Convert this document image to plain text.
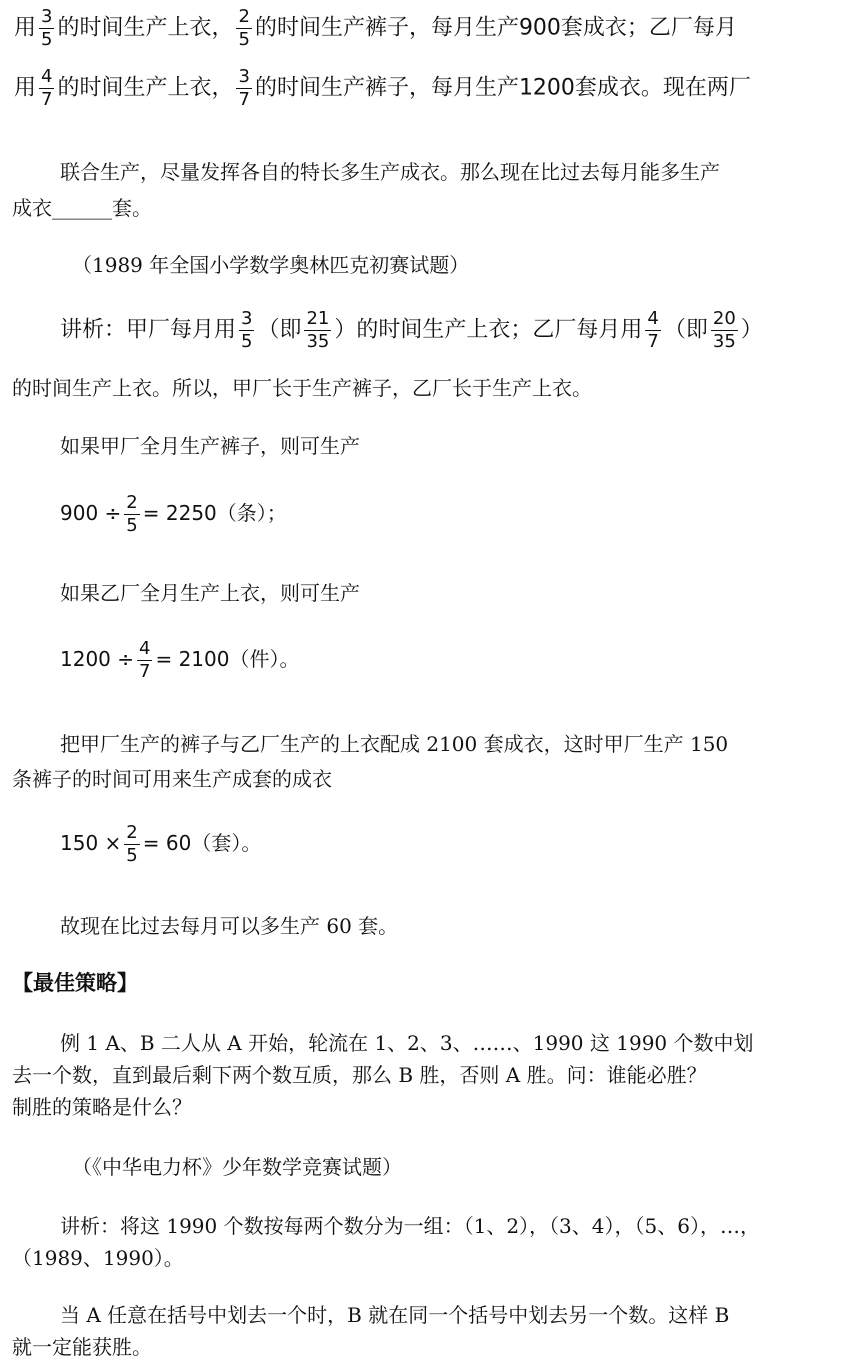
用 $\frac{3}{5}$ 的时间生产上衣， $\frac{2}{5}$ 的时间生产裤子，每月生产900套成衣；乙厂每月
用 $\frac{4}{7}$ 的时间生产上衣， $\frac{3}{7}$ 的时间生产裤子，每月生产1200套成衣。现在两厂
联合生产，尽量发挥各自的特长多生产成衣。那么现在比过去每月能多生产
成衣______套。
（1989 年全国小学数学奥林匹克初赛试题）
讲析：甲厂每月用 $\frac{3}{5}$ （即 $\frac{21}{35}$ ）的时间生产上衣；乙厂每月用 $\frac{4}{7}$ （即 $\frac{20}{35}$ ）
的时间生产上衣。所以，甲厂长于生产裤子，乙厂长于生产上衣。
如果甲厂全月生产裤子，则可生产
$900 \div \frac{2}{5} = 2250$（条）；
如果乙厂全月生产上衣，则可生产
$1200 \div \frac{4}{7} = 2100$（件）。
把甲厂生产的裤子与乙厂生产的上衣配成 2100 套成衣，这时甲厂生产 150
条裤子的时间可用来生产成套的成衣
$150 \times \frac{2}{5} = 60$（套）。
故现在比过去每月可以多生产 60 套。
【最佳策略】
例 1 A、B 二人从 A 开始，轮流在 1、2、3、……、1990 这 1990 个数中划
去一个数，直到最后剩下两个数互质，那么 B 胜，否则 A 胜。问：谁能必胜？
制胜的策略是什么？
（《中华电力杯》少年数学竞赛试题）
讲析：将这 1990 个数按每两个数分为一组：（1、2），（3、4），（5、6），…，
（1989、1990）。
当 A 任意在括号中划去一个时，B 就在同一个括号中划去另一个数。这样 B
就一定能获胜。
